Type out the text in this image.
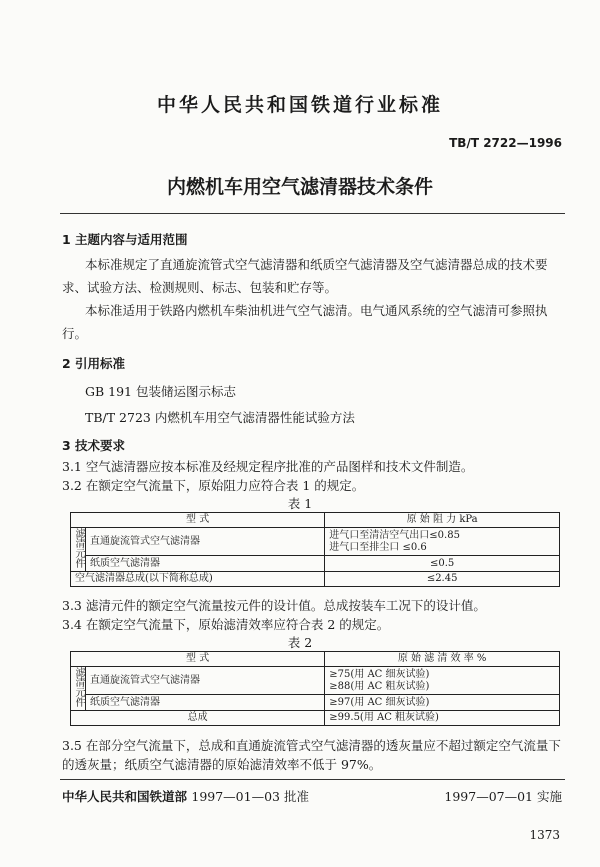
中华人民共和国铁道行业标准
TB/T 2722—1996
内燃机车用空气滤清器技术条件
1 主题内容与适用范围
本标准规定了直通旋流管式空气滤清器和纸质空气滤清器及空气滤清器总成的技术要
求、试验方法、检测规则、标志、包装和贮存等。
本标准适用于铁路内燃机车柴油机进气空气滤清。电气通风系统的空气滤清可参照执
行。
2 引用标准
GB 191 包装储运图示标志
TB/T 2723 内燃机车用空气滤清器性能试验方法
3 技术要求
3.1 空气滤清器应按本标准及经规定程序批准的产品图样和技术文件制造。
3.2 在额定空气流量下，原始阻力应符合表 1 的规定。
表 1
型 式		原 始 阻 力 kPa
滤清元件	直通旋流管式空气滤清器	进气口至清洁空气出口≤0.85
进气口至排尘口 ≤0.6

	纸质空气滤清器	≤0.5
空气滤清器总成(以下简称总成)		≤2.45
3.3 滤清元件的额定空气流量按元件的设计值。总成按装车工况下的设计值。
3.4 在额定空气流量下，原始滤清效率应符合表 2 的规定。
表 2
型 式		原 始 滤 清 效 率 %
滤清元件	直通旋流管式空气滤清器	≥75(用 AC 细灰试验)
≥88(用 AC 粗灰试验)

	纸质空气滤清器	≥97(用 AC 细灰试验)
总成		≥99.5(用 AC 粗灰试验)
3.5 在部分空气流量下，总成和直通旋流管式空气滤清器的透灰量应不超过额定空气流量下
的透灰量；纸质空气滤清器的原始滤清效率不低于 97%。
中华人民共和国铁道部 1997—01—03 批准	1997—07—01 实施
1373
